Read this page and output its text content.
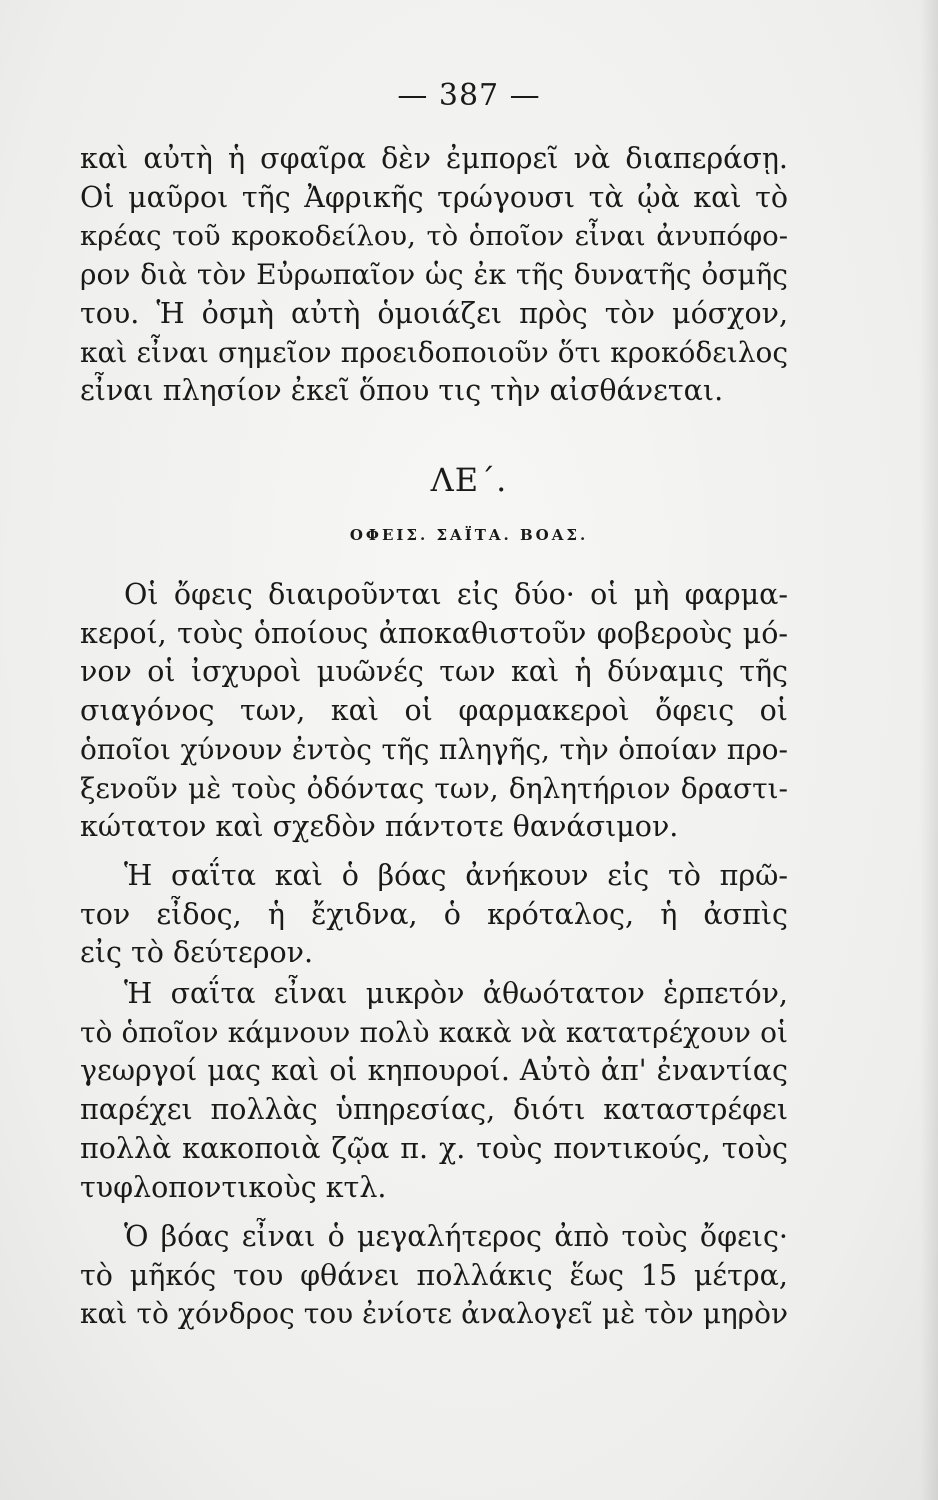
— 387 —
καὶ αὐτὴ ἡ σφαῖρα δὲν ἐμπορεῖ νὰ διαπεράσῃ.
Οἱ μαῦροι τῆς Ἀφρικῆς τρώγουσι τὰ ᾠὰ καὶ τὸ
κρέας τοῦ κροκοδείλου, τὸ ὁποῖον εἶναι ἀνυπόφο-
ρον διὰ τὸν Εὐρωπαῖον ὡς ἐκ τῆς δυνατῆς ὀσμῆς
του. Ἡ ὀσμὴ αὐτὴ ὁμοιάζει πρὸς τὸν μόσχον,
καὶ εἶναι σημεῖον προειδοποιοῦν ὅτι κροκόδειλος
εἶναι πλησίον ἐκεῖ ὅπου τις τὴν αἰσθάνεται.
ΛΕ΄.
ΟΦΕΙΣ. ΣΑΪΤΑ. ΒΟΑΣ.
Οἱ ὄφεις διαιροῦνται εἰς δύο· οἱ μὴ φαρμα-
κεροί, τοὺς ὁποίους ἀποκαθιστοῦν φοβεροὺς μό-
νον οἱ ἰσχυροὶ μυῶνές των καὶ ἡ δύναμις τῆς
σιαγόνος των, καὶ οἱ φαρμακεροὶ ὄφεις οἱ
ὁποῖοι χύνουν ἐντὸς τῆς πληγῆς, τὴν ὁποίαν προ-
ξενοῦν μὲ τοὺς ὀδόντας των, δηλητήριον δραστι-
κώτατον καὶ σχεδὸν πάντοτε θανάσιμον.
Ἡ σαΐτα καὶ ὁ βόας ἀνήκουν εἰς τὸ πρῶ-
τον εἶδος, ἡ ἔχιδνα, ὁ κρόταλος, ἡ ἀσπὶς
εἰς τὸ δεύτερον.
Ἡ σαΐτα εἶναι μικρὸν ἀθωότατον ἑρπετόν,
τὸ ὁποῖον κάμνουν πολὺ κακὰ νὰ κατατρέχουν οἱ
γεωργοί μας καὶ οἱ κηπουροί. Αὐτὸ ἀπ' ἐναντίας
παρέχει πολλὰς ὑπηρεσίας, διότι καταστρέφει
πολλὰ κακοποιὰ ζῷα π. χ. τοὺς ποντικούς, τοὺς
τυφλοποντικοὺς κτλ.
Ὁ βόας εἶναι ὁ μεγαλήτερος ἀπὸ τοὺς ὄφεις·
τὸ μῆκός του φθάνει πολλάκις ἕως 15 μέτρα,
καὶ τὸ χόνδρος του ἐνίοτε ἀναλογεῖ μὲ τὸν μηρὸν
